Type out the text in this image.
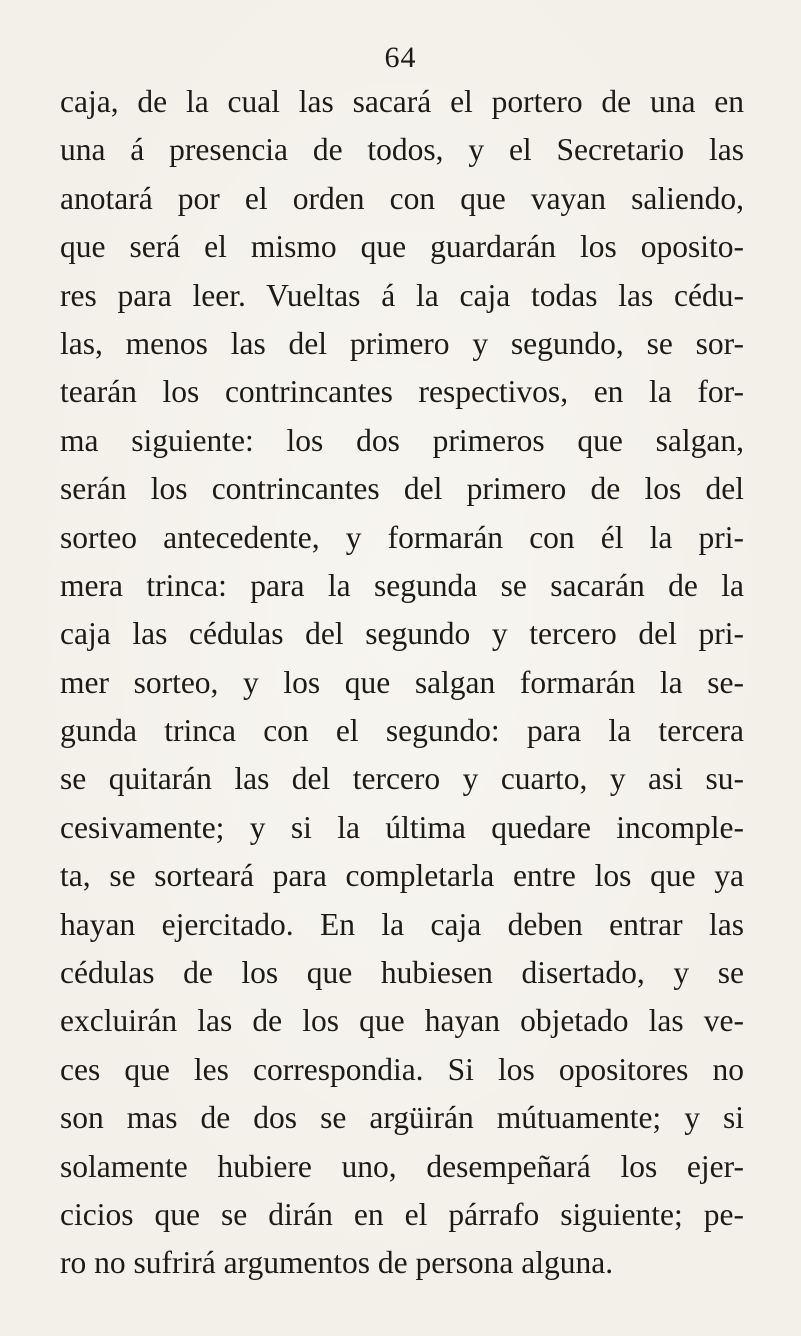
64
caja, de la cual las sacará el portero de una en
una á presencia de todos, y el Secretario las
anotará por el orden con que vayan saliendo,
que será el mismo que guardarán los oposito-
res para leer. Vueltas á la caja todas las cédu-
las, menos las del primero y segundo, se sor-
tearán los contrincantes respectivos, en la for-
ma siguiente: los dos primeros que salgan,
serán los contrincantes del primero de los del
sorteo antecedente, y formarán con él la pri-
mera trinca: para la segunda se sacarán de la
caja las cédulas del segundo y tercero del pri-
mer sorteo, y los que salgan formarán la se-
gunda trinca con el segundo: para la tercera
se quitarán las del tercero y cuarto, y asi su-
cesivamente; y si la última quedare incomple-
ta, se sorteará para completarla entre los que ya
hayan ejercitado. En la caja deben entrar las
cédulas de los que hubiesen disertado, y se
excluirán las de los que hayan objetado las ve-
ces que les correspondia. Si los opositores no
son mas de dos se argüirán mútuamente; y si
solamente hubiere uno, desempeñará los ejer-
cicios que se dirán en el párrafo siguiente; pe-
ro no sufrirá argumentos de persona alguna.
